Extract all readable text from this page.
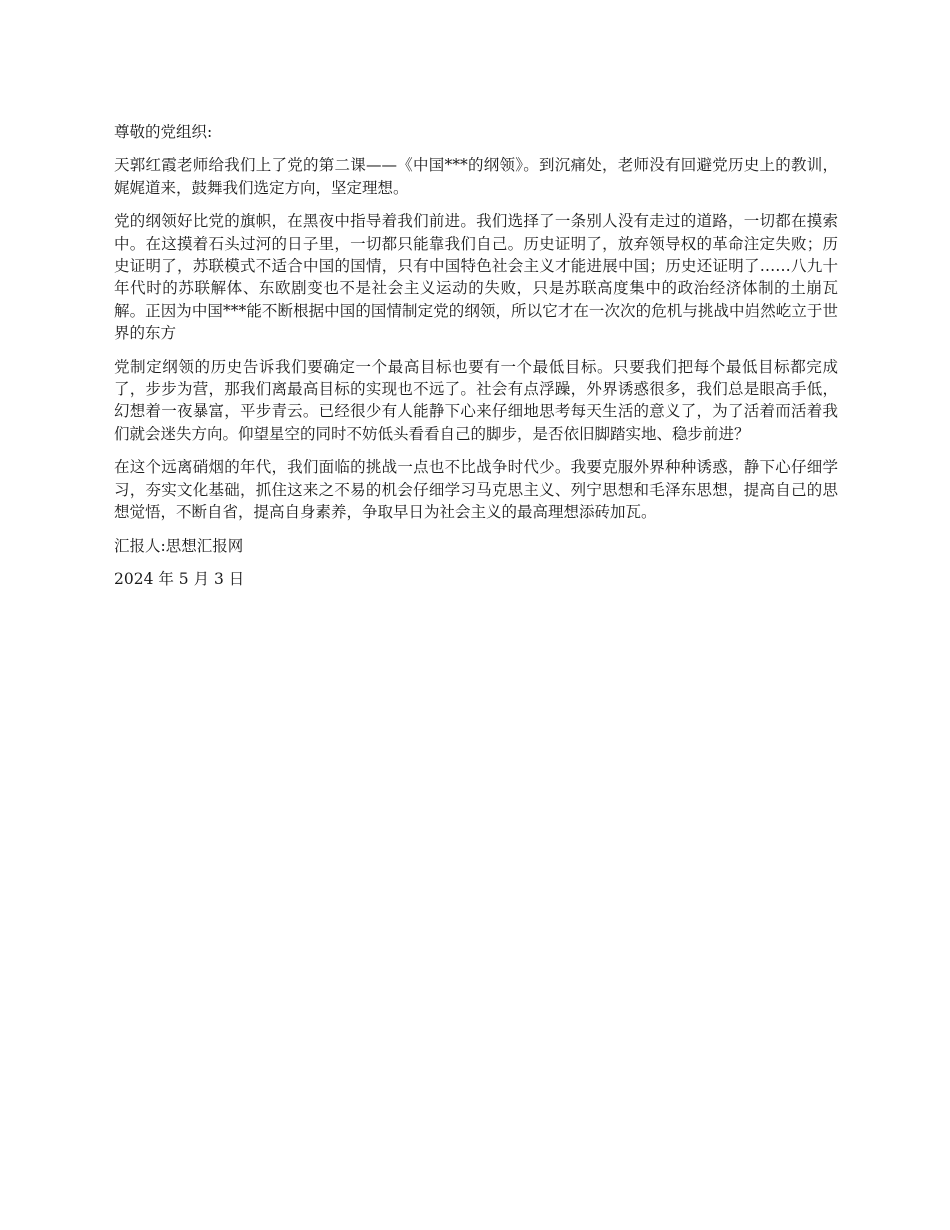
尊敬的党组织:

天郭红霞老师给我们上了党的第二课——《中国***的纲领》。到沉痛处，老师没有回避党历史上的教训，娓娓道来，鼓舞我们选定方向，坚定理想。

党的纲领好比党的旗帜，在黑夜中指导着我们前进。我们选择了一条别人没有走过的道路，一切都在摸索中。在这摸着石头过河的日子里，一切都只能靠我们自己。历史证明了，放弃领导权的革命注定失败；历史证明了，苏联模式不适合中国的国情，只有中国特色社会主义才能进展中国；历史还证明了……八九十年代时的苏联解体、东欧剧变也不是社会主义运动的失败，只是苏联高度集中的政治经济体制的土崩瓦解。正因为中国***能不断根据中国的国情制定党的纲领，所以它才在一次次的危机与挑战中岿然屹立于世界的东方

党制定纲领的历史告诉我们要确定一个最高目标也要有一个最低目标。只要我们把每个最低目标都完成了，步步为营，那我们离最高目标的实现也不远了。社会有点浮躁，外界诱惑很多，我们总是眼高手低，幻想着一夜暴富，平步青云。已经很少有人能静下心来仔细地思考每天生活的意义了，为了活着而活着我们就会迷失方向。仰望星空的同时不妨低头看看自己的脚步，是否依旧脚踏实地、稳步前进？

在这个远离硝烟的年代，我们面临的挑战一点也不比战争时代少。我要克服外界种种诱惑，静下心仔细学习，夯实文化基础，抓住这来之不易的机会仔细学习马克思主义、列宁思想和毛泽东思想，提高自己的思想觉悟，不断自省，提高自身素养，争取早日为社会主义的最高理想添砖加瓦。

汇报人:思想汇报网

2024 年 5 月 3 日
